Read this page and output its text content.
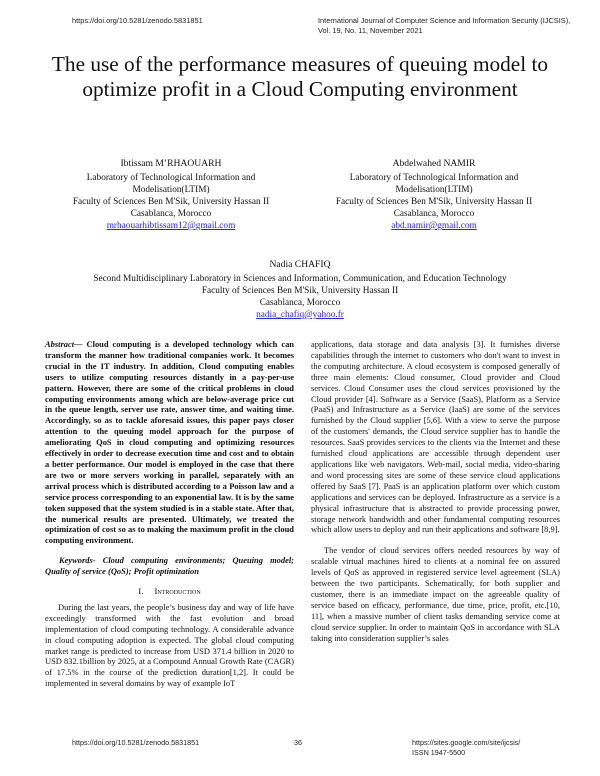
https://doi.org/10.5281/zenodo.5831851	International Journal of Computer Science and Information Security (IJCSIS),
Vol. 19, No. 11, November 2021
The use of the performance measures of queuing model to optimize profit in a Cloud Computing environment
Ibtissam M’RHAOUARH
Laboratory of Technological Information and Modelisation(LTIM)
Faculty of Sciences Ben M'Sik, University Hassan II
Casablanca, Morocco
mrhaouarhibtissam12@gmail.com
Abdelwahed NAMIR
Laboratory of Technological Information and Modelisation(LTIM)
Faculty of Sciences Ben M'Sik, University Hassan II
Casablanca, Morocco
abd.namir@gmail.com
Nadia CHAFIQ
Second Multidisciplinary Laboratory in Sciences and Information, Communication, and Education Technology
Faculty of Sciences Ben M'Sik, University Hassan II
Casablanca, Morocco
nadia_chafiq@yahoo.fr

Abstract— Cloud computing is a developed technology which can transform the manner how traditional companies work. It becomes crucial in the IT industry. In addition, Cloud computing enables users to utilize computing resources distantly in a pay-per-use pattern. However, there are some of the critical problems in cloud computing environments among which are below-average price cut in the queue length, server use rate, answer time, and waiting time. Accordingly, so as to tackle aforesaid issues, this paper pays closer attention to the queuing model approach for the purpose of ameliorating QoS in cloud computing and optimizing resources effectively in order to decrease execution time and cost and to obtain a better performance. Our model is employed in the case that there are two or more servers working in parallel, separately with an arrival process which is distributed according to a Poisson law and a service process corresponding to an exponential law. It is by the same token supposed that the system studied is in a stable state. After that, the numerical results are presented. Ultimately, we treated the optimization of cost so as to making the maximum profit in the cloud computing environment.

Keywords- Cloud computing environments; Queuing model; Quality of service (QoS); Profit optimization

I. Introduction

During the last years, the people’s business day and way of life have exceedingly transformed with the fast evolution and broad implementation of cloud computing technology. A considerable advance in cloud computing adoption is expected. The global cloud computing market range is predicted to increase from USD 371.4 billion in 2020 to USD 832.1billion by 2025, at a Compound Annual Growth Rate (CAGR) of 17.5% in the course of the prediction duration[1,2]. It could be implemented in several domains by way of example IoT

applications, data storage and data analysis [3]. It furnishes diverse capabilities through the internet to customers who don't want to invest in the computing architecture. A cloud ecosystem is composed generally of three main elements: Cloud consumer, Cloud provider and Cloud services. Cloud Consumer uses the cloud services provisioned by the Cloud provider [4]. Software as a Service (SaaS), Platform as a Service (PaaS) and Infrastructure as a Service (IaaS) are some of the services furnished by the Cloud supplier [5,6]. With a view to serve the purpose of the customers' demands, the Cloud service supplier has to handle the resources. SaaS provides services to the clients via the Internet and these furnished cloud applications are accessible through dependent user applications like web navigators. Web-mail, social media, video-sharing and word processing sites are some of these service cloud applications offered by SaaS [7]. PaaS is an application platform over which custom applications and services can be deployed. Infrastructure as a service is a physical infrastructure that is abstracted to provide processing power, storage network bandwidth and other fundamental computing resources which allow users to deploy and run their applications and software [8,9].

The vendor of cloud services offers needed resources by way of scalable virtual machines hired to clients at a nominal fee on assured levels of QoS as approved in registered service level agreement (SLA) between the two participants. Schematically, for both supplier and customer, there is an immediate impact on the agreeable quality of service based on efficacy, performance, due time, price, profit, etc.[10, 11], when a massive number of client tasks demanding service come at cloud service supplier. In order to maintain QoS in accordance with SLA taking into consideration supplier’s sales

https://doi.org/10.5281/zenodo.5831851	36	https://sites.google.com/site/ijcsis/
ISSN 1947-5500
